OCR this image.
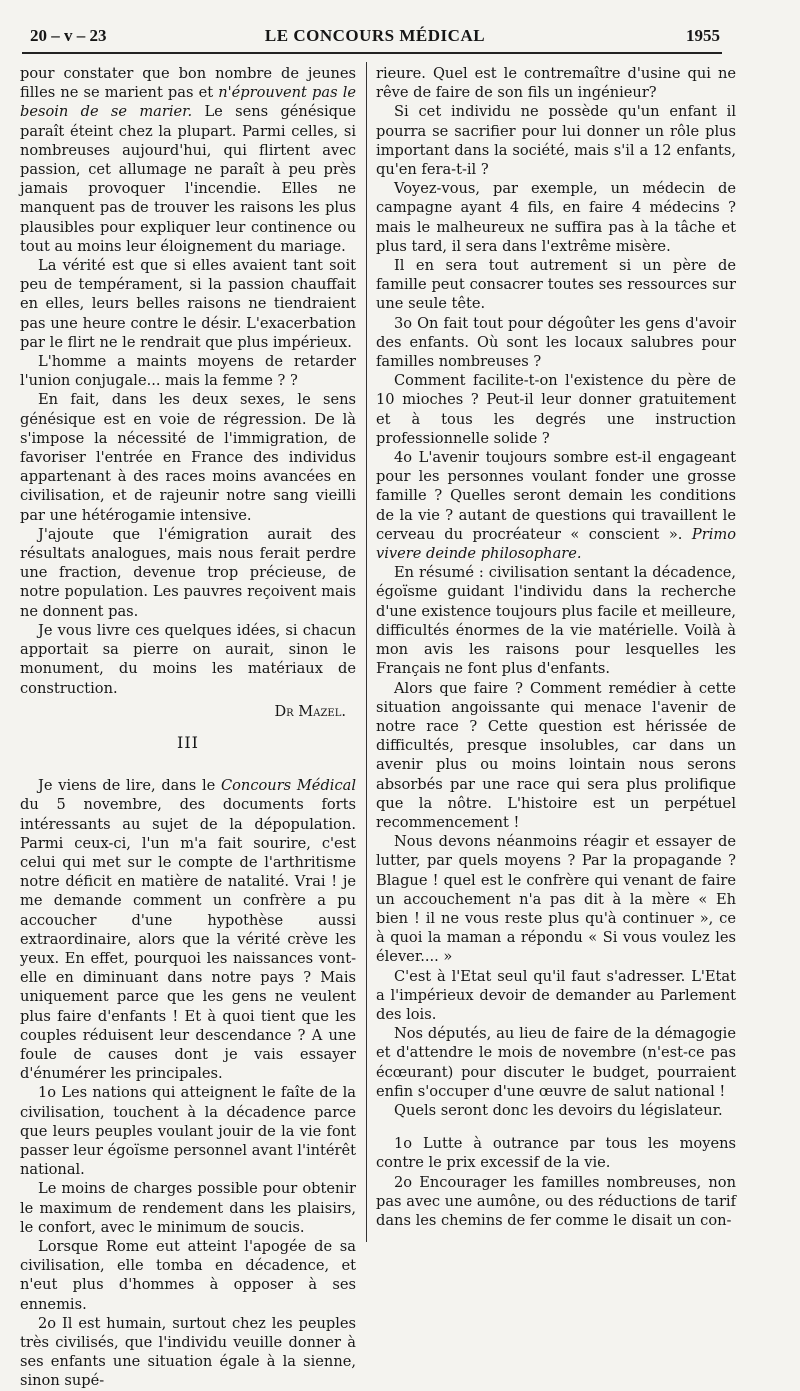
20 – v – 23	LE CONCOURS MÉDICAL	1955

pour constater que bon nombre de jeunes filles ne se marient pas et n'éprouvent pas le besoin de se marier. Le sens génésique paraît éteint chez la plupart. Parmi celles, si nombreuses aujourd'hui, qui flirtent avec passion, cet allumage ne paraît à peu près jamais provoquer l'incendie. Elles ne manquent pas de trouver les raisons les plus plausibles pour expliquer leur continence ou tout au moins leur éloignement du mariage.

La vérité est que si elles avaient tant soit peu de tempérament, si la passion chauffait en elles, leurs belles raisons ne tiendraient pas une heure contre le désir. L'exacerbation par le flirt ne le rendrait que plus impérieux.

L'homme a maints moyens de retarder l'union conjugale... mais la femme ? ?

En fait, dans les deux sexes, le sens génésique est en voie de régression. De là s'impose la nécessité de l'immigration, de favoriser l'entrée en France des individus appartenant à des races moins avancées en civilisation, et de rajeunir notre sang vieilli par une hétérogamie intensive.

J'ajoute que l'émigration aurait des résultats analogues, mais nous ferait perdre une fraction, devenue trop précieuse, de notre population. Les pauvres reçoivent mais ne donnent pas.

Je vous livre ces quelques idées, si chacun apportait sa pierre on aurait, sinon le monument, du moins les matériaux de construction.

Dr Mazel.

III

Je viens de lire, dans le Concours Médical du 5 novembre, des documents forts intéressants au sujet de la dépopulation. Parmi ceux-ci, l'un m'a fait sourire, c'est celui qui met sur le compte de l'arthritisme notre déficit en matière de natalité. Vrai ! je me demande comment un confrère a pu accoucher d'une hypothèse aussi extraordinaire, alors que la vérité crève les yeux. En effet, pourquoi les naissances vont-elle en diminuant dans notre pays ? Mais uniquement parce que les gens ne veulent plus faire d'enfants ! Et à quoi tient que les couples réduisent leur descendance ? A une foule de causes dont je vais essayer d'énumérer les principales.

1o Les nations qui atteignent le faîte de la civilisation, touchent à la décadence parce que leurs peuples voulant jouir de la vie font passer leur égoïsme personnel avant l'intérêt national.

Le moins de charges possible pour obtenir le maximum de rendement dans les plaisirs, le confort, avec le minimum de soucis.

Lorsque Rome eut atteint l'apogée de sa civilisation, elle tomba en décadence, et n'eut plus d'hommes à opposer à ses ennemis.

2o Il est humain, surtout chez les peuples très civilisés, que l'individu veuille donner à ses enfants une situation égale à la sienne, sinon supé-

rieure. Quel est le contremaître d'usine qui ne rêve de faire de son fils un ingénieur?

Si cet individu ne possède qu'un enfant il pourra se sacrifier pour lui donner un rôle plus important dans la société, mais s'il a 12 enfants, qu'en fera-t-il ?

Voyez-vous, par exemple, un médecin de campagne ayant 4 fils, en faire 4 médecins ? mais le malheureux ne suffira pas à la tâche et plus tard, il sera dans l'extrême misère.

Il en sera tout autrement si un père de famille peut consacrer toutes ses ressources sur une seule tête.

3o On fait tout pour dégoûter les gens d'avoir des enfants. Où sont les locaux salubres pour familles nombreuses ?

Comment facilite-t-on l'existence du père de 10 mioches ? Peut-il leur donner gratuitement et à tous les degrés une instruction professionnelle solide ?

4o L'avenir toujours sombre est-il engageant pour les personnes voulant fonder une grosse famille ? Quelles seront demain les conditions de la vie ? autant de questions qui travaillent le cerveau du procréateur « conscient ». Primo vivere deinde philosophare.

En résumé : civilisation sentant la décadence, égoïsme guidant l'individu dans la recherche d'une existence toujours plus facile et meilleure, difficultés énormes de la vie matérielle. Voilà à mon avis les raisons pour lesquelles les Français ne font plus d'enfants.

Alors que faire ? Comment remédier à cette situation angoissante qui menace l'avenir de notre race ? Cette question est hérissée de difficultés, presque insolubles, car dans un avenir plus ou moins lointain nous serons absorbés par une race qui sera plus prolifique que la nôtre. L'histoire est un perpétuel recommencement !

Nous devons néanmoins réagir et essayer de lutter, par quels moyens ? Par la propagande ? Blague ! quel est le confrère qui venant de faire un accouchement n'a pas dit à la mère « Eh bien ! il ne vous reste plus qu'à continuer », ce à quoi la maman a répondu « Si vous voulez les élever.... »

C'est à l'Etat seul qu'il faut s'adresser. L'Etat a l'impérieux devoir de demander au Parlement des lois.

Nos députés, au lieu de faire de la démagogie et d'attendre le mois de novembre (n'est-ce pas écœurant) pour discuter le budget, pourraient enfin s'occuper d'une œuvre de salut national !

Quels seront donc les devoirs du législateur.

1o Lutte à outrance par tous les moyens contre le prix excessif de la vie.

2o Encourager les familles nombreuses, non pas avec une aumône, ou des réductions de tarif dans les chemins de fer comme le disait un con-
